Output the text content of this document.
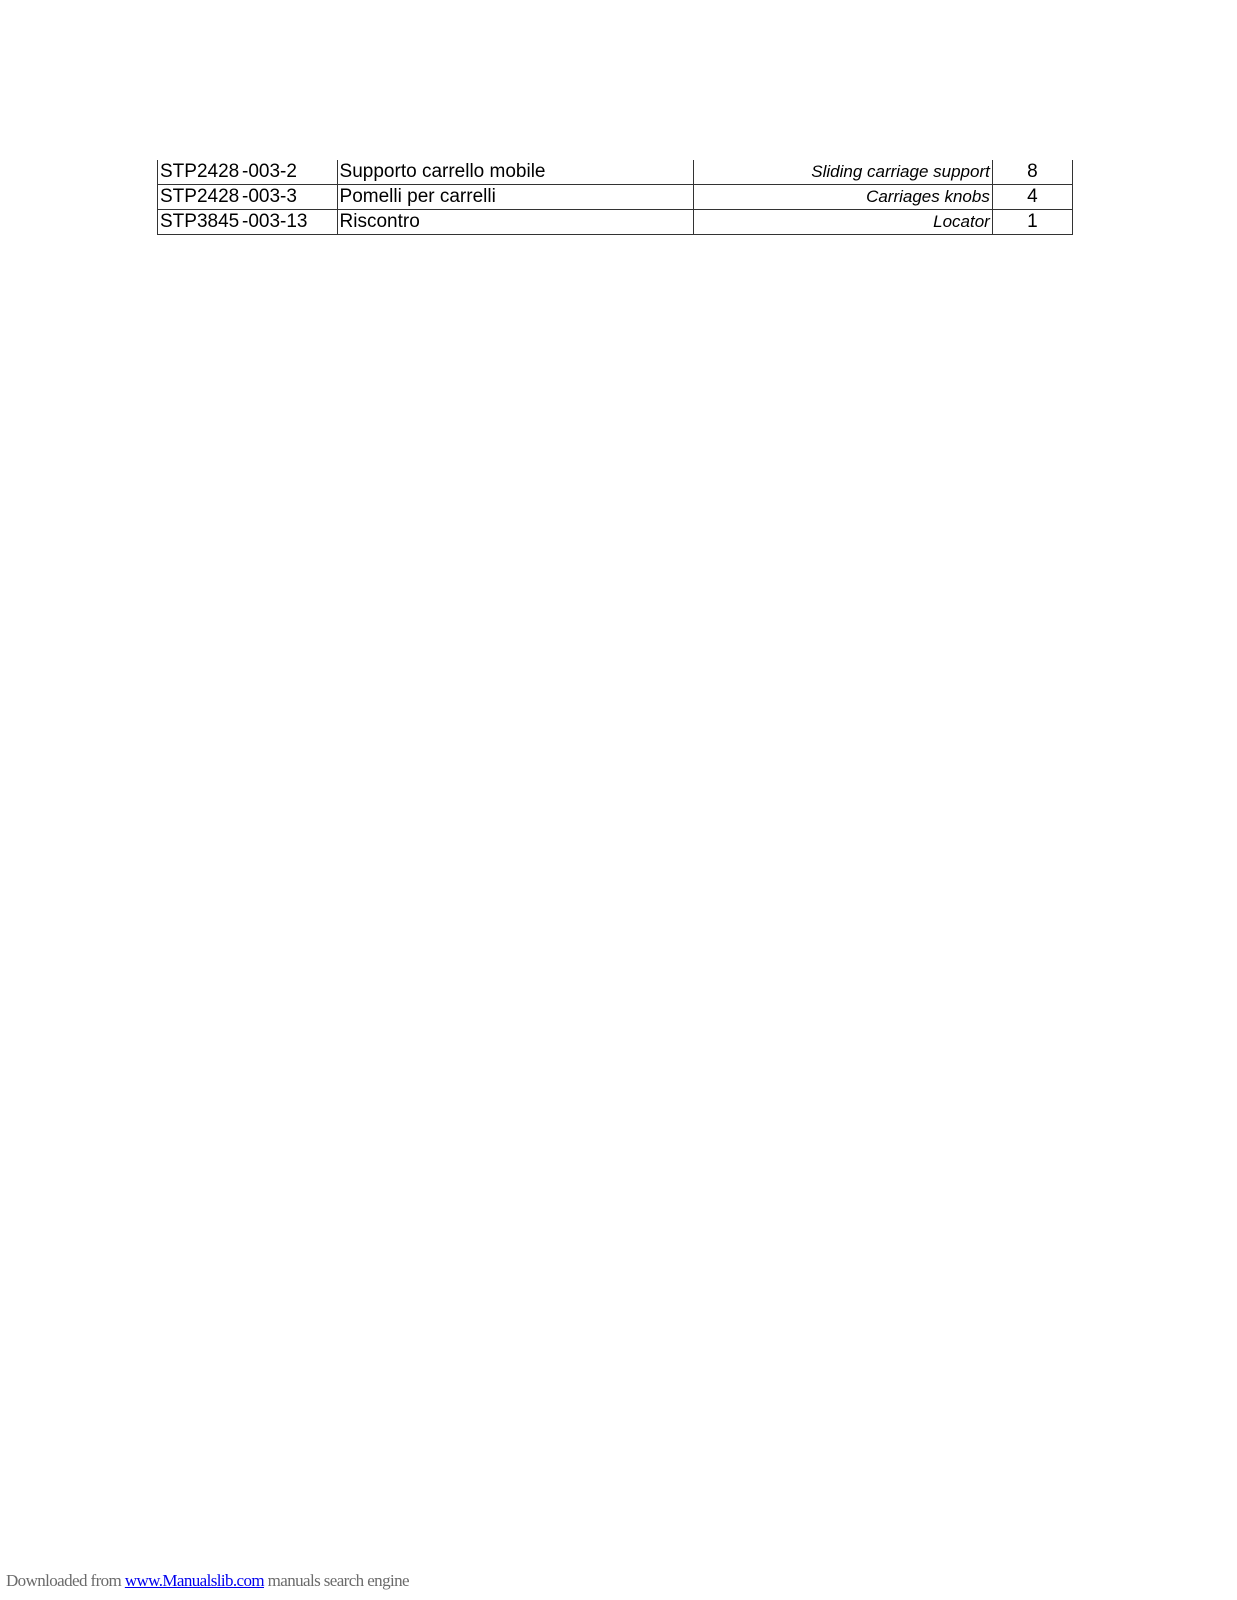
STP2428 -003-2	Supporto carrello mobile	Sliding carriage support	8
STP2428 -003-3	Pomelli per carrelli	Carriages knobs	4
STP3845 -003-13	Riscontro	Locator	1
Downloaded from www.Manualslib.com manuals search engine
